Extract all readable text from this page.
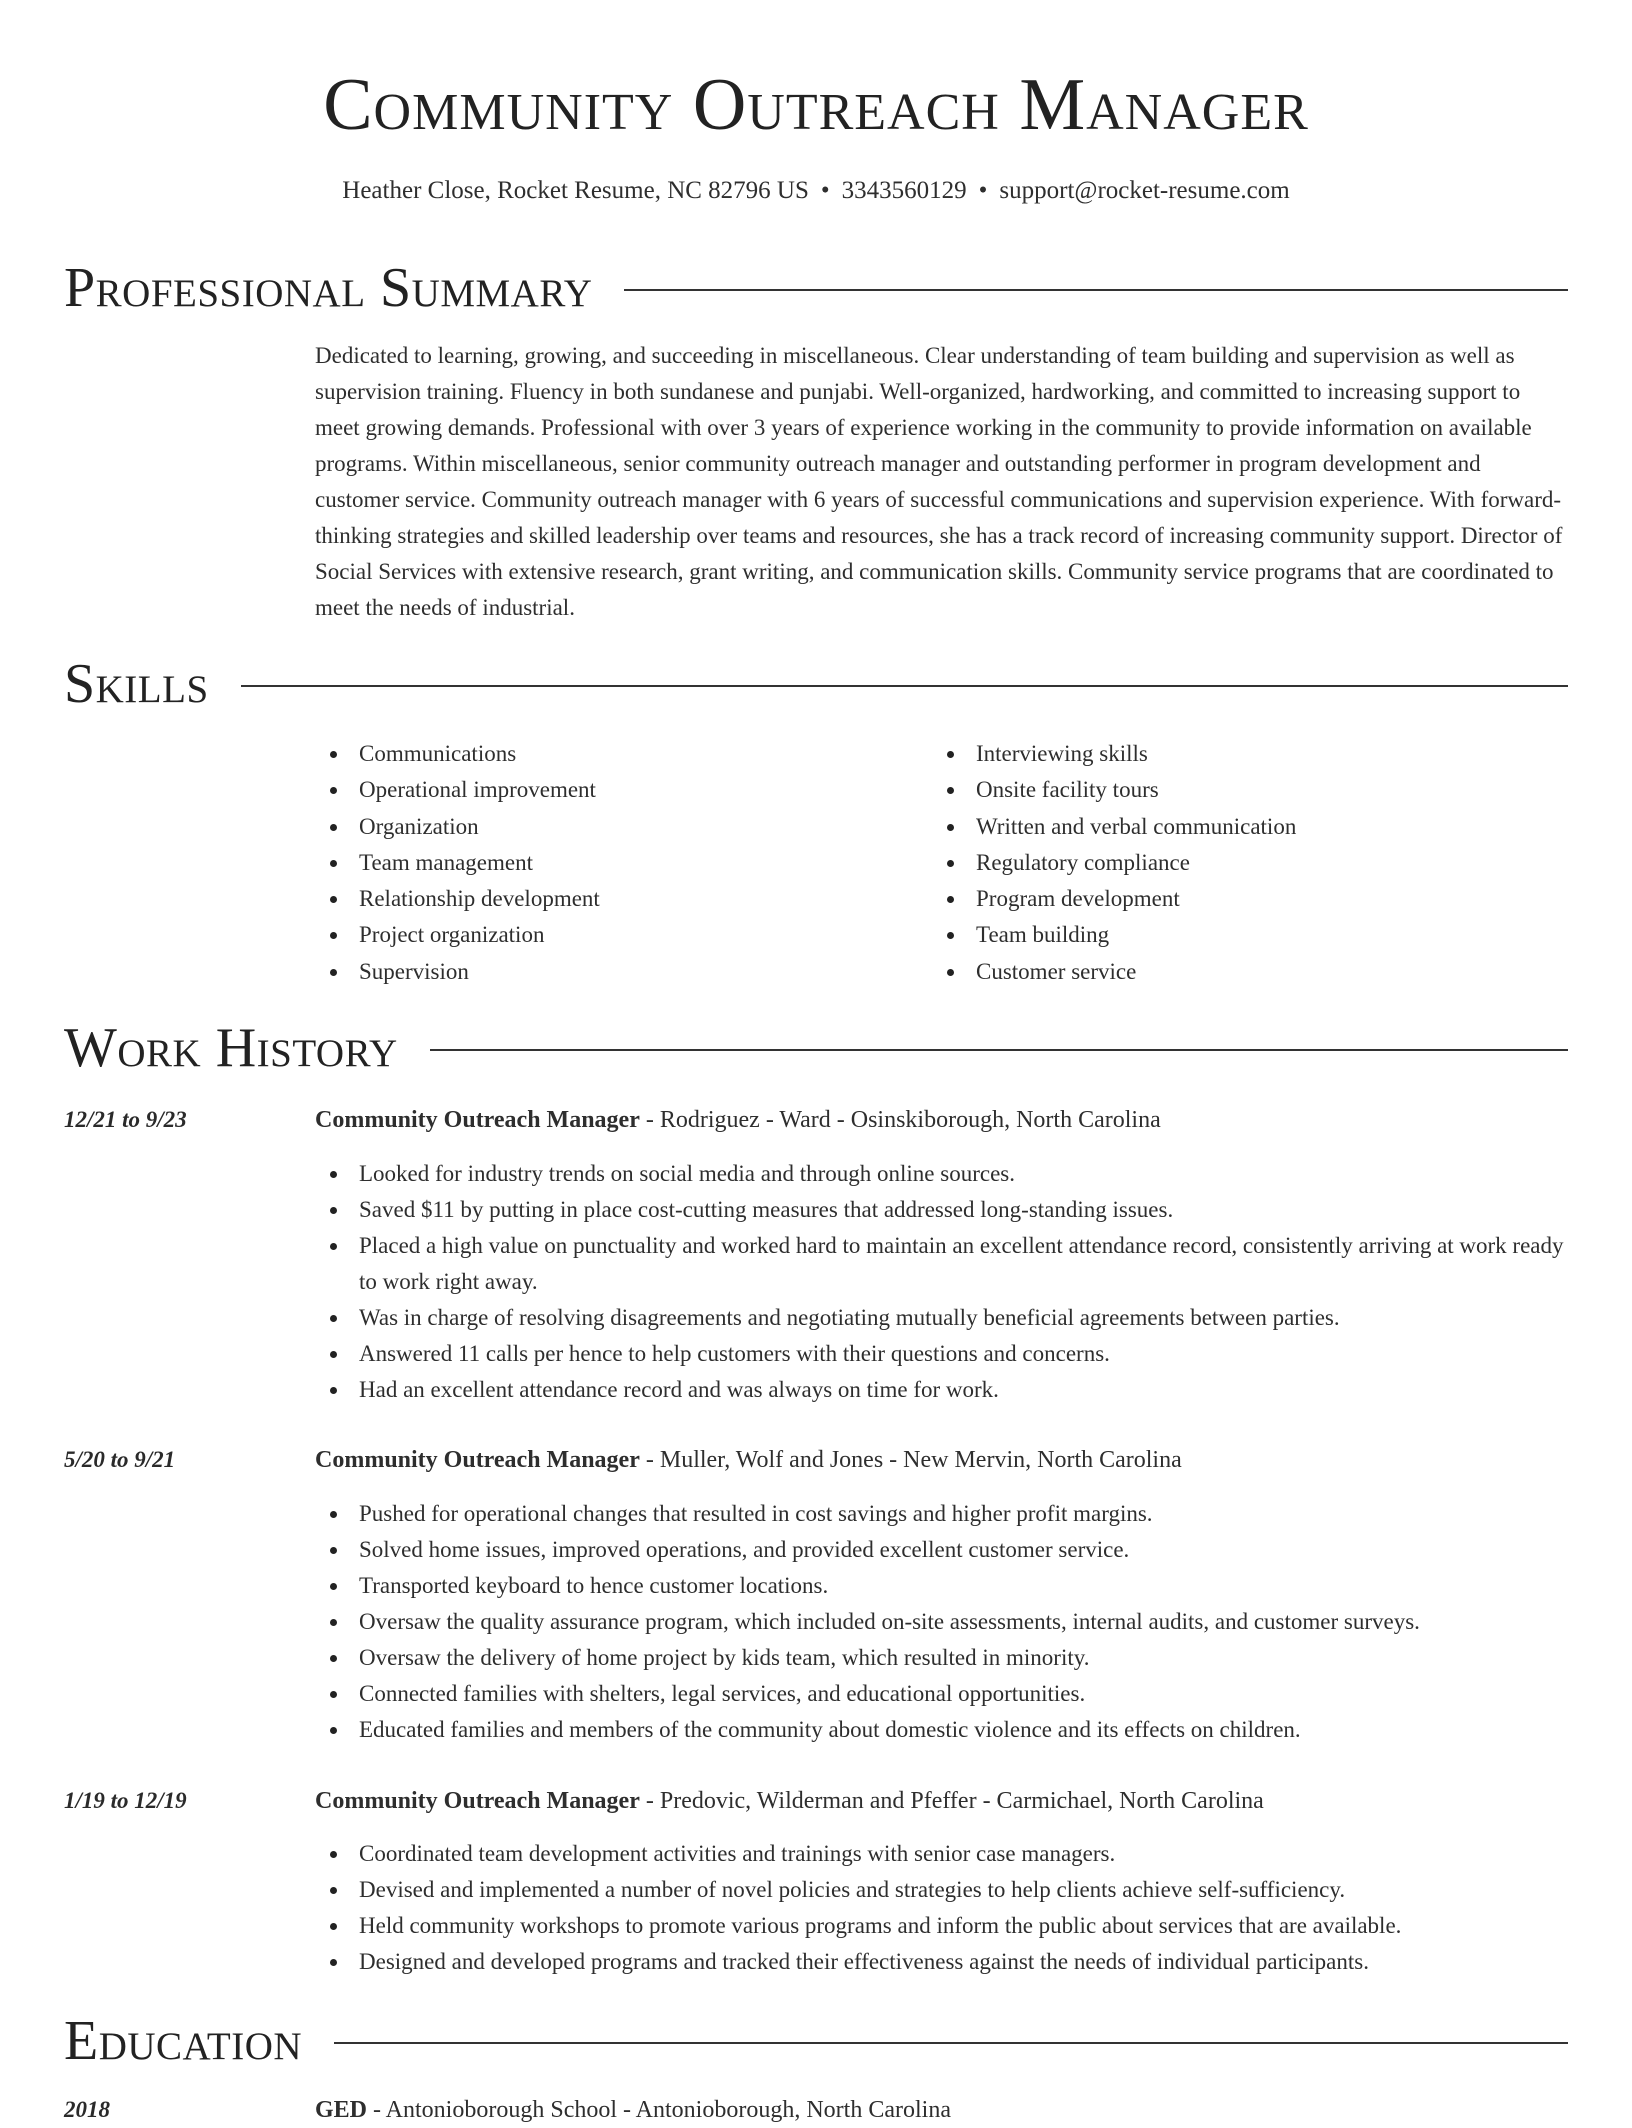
Community Outreach Manager
Heather Close, Rocket Resume, NC 82796 US • 3343560129 • support@rocket-resume.com
Professional Summary

Dedicated to learning, growing, and succeeding in miscellaneous. Clear understanding of team building and supervision as well as supervision training. Fluency in both sundanese and punjabi. Well-organized, hardworking, and committed to increasing support to meet growing demands. Professional with over 3 years of experience working in the community to provide information on available programs. Within miscellaneous, senior community outreach manager and outstanding performer in program development and customer service. Community outreach manager with 6 years of successful communications and supervision experience. With forward-thinking strategies and skilled leadership over teams and resources, she has a track record of increasing community support. Director of Social Services with extensive research, grant writing, and communication skills. Community service programs that are coordinated to meet the needs of industrial.

Skills
Communications
Operational improvement
Organization
Team management
Relationship development
Project organization
Supervision
Interviewing skills
Onsite facility tours
Written and verbal communication
Regulatory compliance
Program development
Team building
Customer service
Work History
12/21 to 9/23	Community Outreach Manager - Rodriguez - Ward - Osinskiborough, North Carolina
Looked for industry trends on social media and through online sources.
Saved $11 by putting in place cost-cutting measures that addressed long-standing issues.
Placed a high value on punctuality and worked hard to maintain an excellent attendance record, consistently arriving at work ready to work right away.
Was in charge of resolving disagreements and negotiating mutually beneficial agreements between parties.
Answered 11 calls per hence to help customers with their questions and concerns.
Had an excellent attendance record and was always on time for work.
5/20 to 9/21	Community Outreach Manager - Muller, Wolf and Jones - New Mervin, North Carolina
Pushed for operational changes that resulted in cost savings and higher profit margins.
Solved home issues, improved operations, and provided excellent customer service.
Transported keyboard to hence customer locations.
Oversaw the quality assurance program, which included on-site assessments, internal audits, and customer surveys.
Oversaw the delivery of home project by kids team, which resulted in minority.
Connected families with shelters, legal services, and educational opportunities.
Educated families and members of the community about domestic violence and its effects on children.
1/19 to 12/19	Community Outreach Manager - Predovic, Wilderman and Pfeffer - Carmichael, North Carolina
Coordinated team development activities and trainings with senior case managers.
Devised and implemented a number of novel policies and strategies to help clients achieve self-sufficiency.
Held community workshops to promote various programs and inform the public about services that are available.
Designed and developed programs and tracked their effectiveness against the needs of individual participants.
Education
2018	GED - Antonioborough School - Antonioborough, North Carolina
